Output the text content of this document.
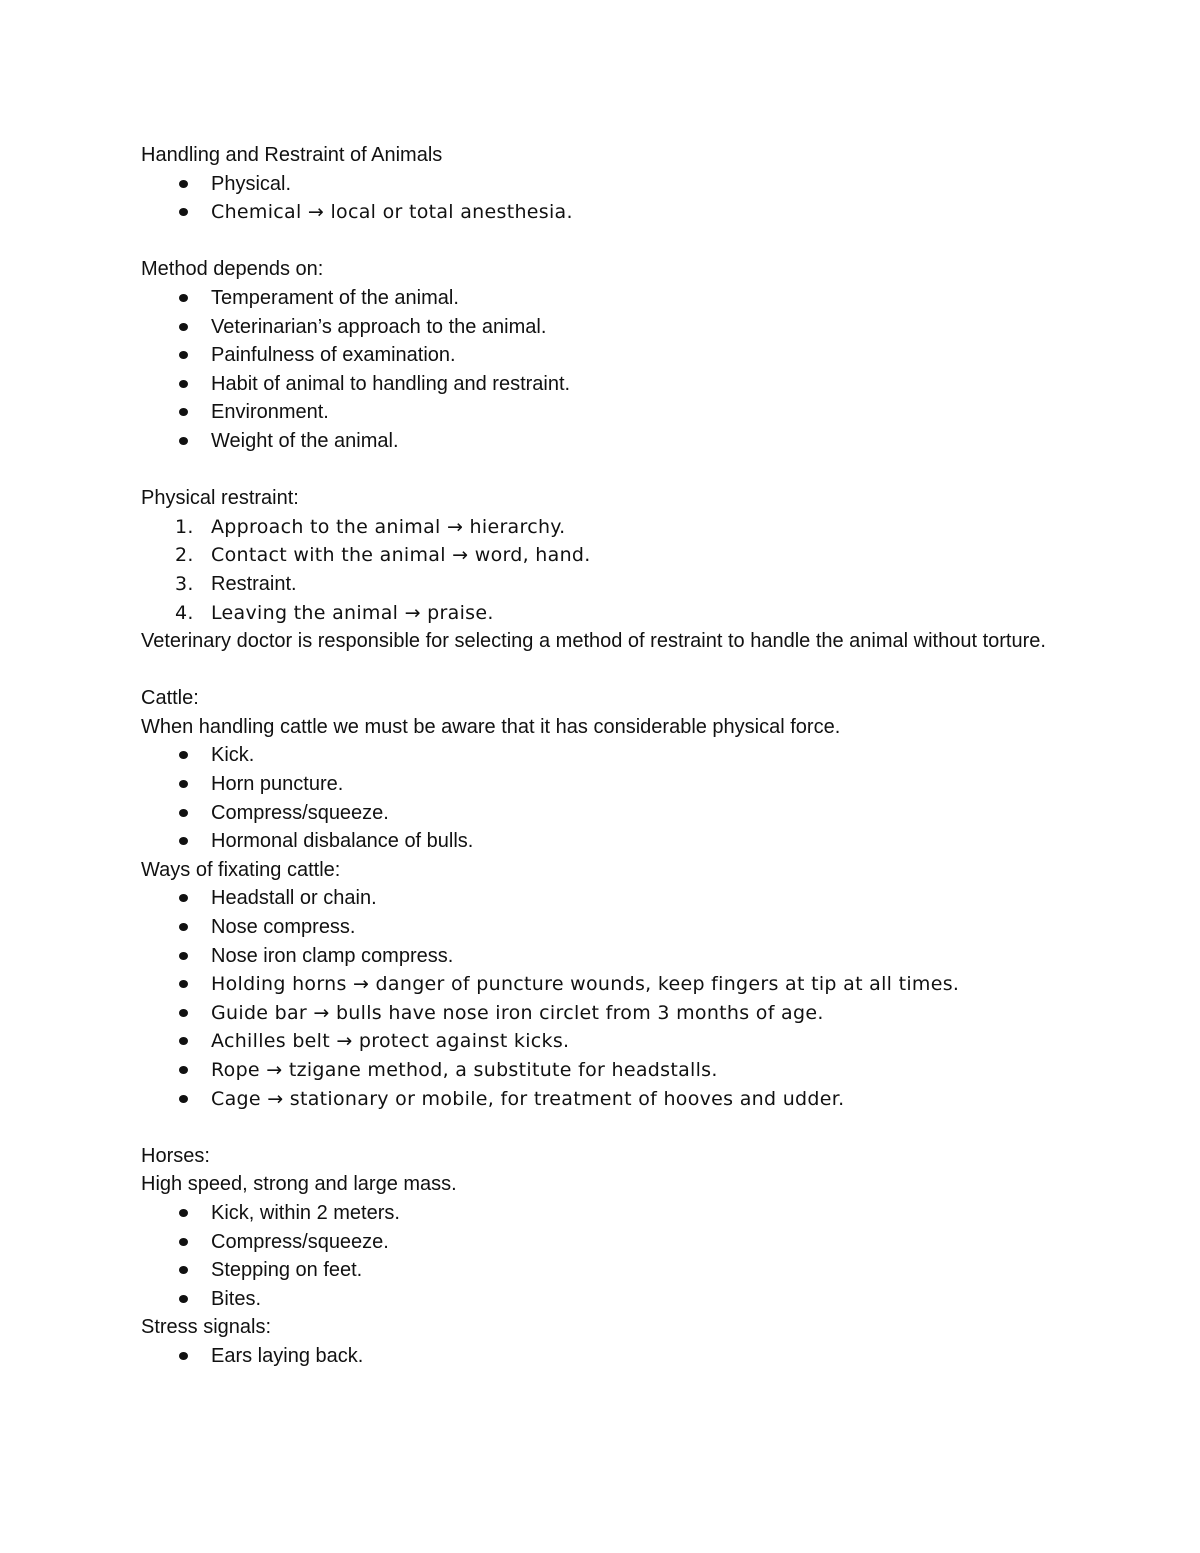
Handling and Restraint of Animals

Physical.
Chemical → local or total anesthesia.

Method depends on:

Temperament of the animal.
Veterinarian’s approach to the animal.
Painfulness of examination.
Habit of animal to handling and restraint.
Environment.
Weight of the animal.

Physical restraint:

1. Approach to the animal → hierarchy.
2. Contact with the animal → word, hand.
3. Restraint.
4. Leaving the animal → praise.

Veterinary doctor is responsible for selecting a method of restraint to handle the animal without torture.

Cattle:

When handling cattle we must be aware that it has considerable physical force.

Kick.
Horn puncture.
Compress/squeeze.
Hormonal disbalance of bulls.

Ways of fixating cattle:

Headstall or chain.
Nose compress.
Nose iron clamp compress.
Holding horns → danger of puncture wounds, keep fingers at tip at all times.
Guide bar → bulls have nose iron circlet from 3 months of age.
Achilles belt → protect against kicks.
Rope → tzigane method, a substitute for headstalls.
Cage → stationary or mobile, for treatment of hooves and udder.

Horses:

High speed, strong and large mass.

Kick, within 2 meters.
Compress/squeeze.
Stepping on feet.
Bites.

Stress signals:

Ears laying back.
